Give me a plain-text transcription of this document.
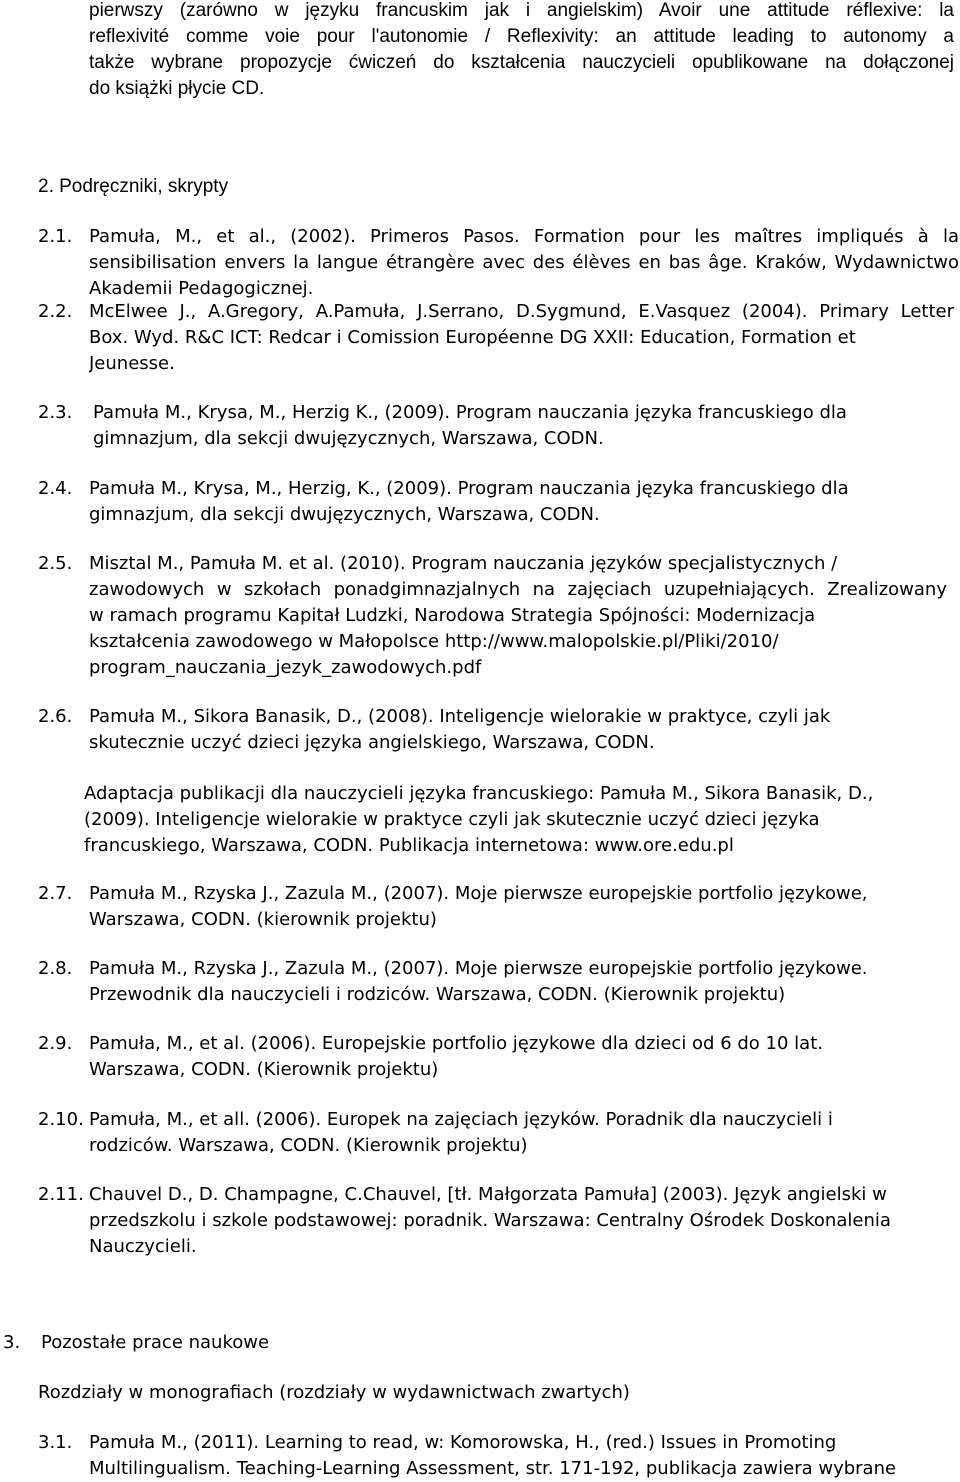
pierwszy (zarówno w języku francuskim jak i angielskim) Avoir une attitude réflexive: la

reflexivité comme voie pour l'autonomie / Reflexivity: an attitude leading to autonomy a

także wybrane propozycje ćwiczeń do kształcenia nauczycieli opublikowane na dołączonej

do książki płycie CD.

2. Podręczniki, skrypty
2.1. Pamuła, M., et al., (2002). Primeros Pasos. Formation pour les maîtres impliqués à la

sensibilisation envers la langue étrangère avec des élèves en bas âge. Kraków, Wydawnictwo

Akademii Pedagogicznej.

2.2. McElwee J., A.Gregory, A.Pamuła, J.Serrano, D.Sygmund, E.Vasquez (2004). Primary Letter

Box. Wyd. R&C ICT: Redcar i Comission Européenne DG XXII: Education, Formation et

Jeunesse.

2.3. Pamuła M., Krysa, M., Herzig K., (2009). Program nauczania języka francuskiego dla

gimnazjum, dla sekcji dwujęzycznych, Warszawa, CODN.

2.4. Pamuła M., Krysa, M., Herzig, K., (2009). Program nauczania języka francuskiego dla

gimnazjum, dla sekcji dwujęzycznych, Warszawa, CODN.

2.5. Misztal M., Pamuła M. et al. (2010). Program nauczania języków specjalistycznych /

zawodowych w szkołach ponadgimnazjalnych na zajęciach uzupełniających. Zrealizowany

w ramach programu Kapitał Ludzki, Narodowa Strategia Spójności: Modernizacja

kształcenia zawodowego w Małopolsce http://www.malopolskie.pl/Pliki/2010/

program_nauczania_jezyk_zawodowych.pdf

2.6. Pamuła M., Sikora Banasik, D., (2008). Inteligencje wielorakie w praktyce, czyli jak

skutecznie uczyć dzieci języka angielskiego, Warszawa, CODN.

Adaptacja publikacji dla nauczycieli języka francuskiego: Pamuła M., Sikora Banasik, D.,

(2009). Inteligencje wielorakie w praktyce czyli jak skutecznie uczyć dzieci języka

francuskiego, Warszawa, CODN. Publikacja internetowa: www.ore.edu.pl

2.7. Pamuła M., Rzyska J., Zazula M., (2007). Moje pierwsze europejskie portfolio językowe,

Warszawa, CODN. (kierownik projektu)

2.8. Pamuła M., Rzyska J., Zazula M., (2007). Moje pierwsze europejskie portfolio językowe.

Przewodnik dla nauczycieli i rodziców. Warszawa, CODN. (Kierownik projektu)

2.9. Pamuła, M., et al. (2006). Europejskie portfolio językowe dla dzieci od 6 do 10 lat.

Warszawa, CODN. (Kierownik projektu)

2.10. Pamuła, M., et all. (2006). Europek na zajęciach języków. Poradnik dla nauczycieli i

rodziców. Warszawa, CODN. (Kierownik projektu)

2.11. Chauvel D., D. Champagne, C.Chauvel, [tł. Małgorzata Pamuła] (2003). Język angielski w

przedszkolu i szkole podstawowej: poradnik. Warszawa: Centralny Ośrodek Doskonalenia

Nauczycieli.

3. Pozostałe prace naukowe
Rozdziały w monografiach (rozdziały w wydawnictwach zwartych)
3.1. Pamuła M., (2011). Learning to read, w: Komorowska, H., (red.) Issues in Promoting

Multilingualism. Teaching-Learning Assessment, str. 171-192, publikacja zawiera wybrane
